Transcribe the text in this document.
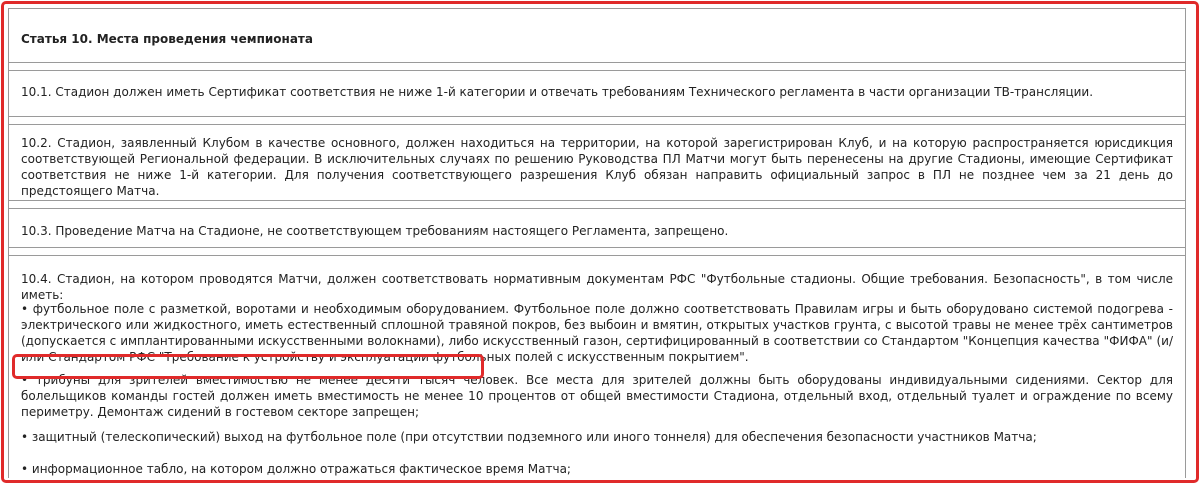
Статья 10. Места проведения чемпионата
10.1. Стадион должен иметь Сертификат соответствия не ниже 1-й категории и отвечать требованиям Технического регламента в части организации ТВ-трансляции.
10.2. Стадион, заявленный Клубом в качестве основного, должен находиться на территории, на которой зарегистрирован Клуб, и на которую распространяется юрисдикция соответствующей Региональной федерации. В исключительных случаях по решению Руководства ПЛ Матчи могут быть перенесены на другие Стадионы, имеющие Сертификат соответствия не ниже 1-й категории. Для получения соответствующего разрешения Клуб обязан направить официальный запрос в ПЛ не позднее чем за 21 день до предстоящего Матча.
10.3. Проведение Матча на Стадионе, не соответствующем требованиям настоящего Регламента, запрещено.
10.4. Стадион, на котором проводятся Матчи, должен соответствовать нормативным документам РФС "Футбольные стадионы. Общие требования. Безопасность", в том числе иметь:
• футбольное поле с разметкой, воротами и необходимым оборудованием. Футбольное поле должно соответствовать Правилам игры и быть оборудовано системой подогрева - электрического или жидкостного, иметь естественный сплошной травяной покров, без выбоин и вмятин, открытых участков грунта, с высотой травы не менее трёх сантиметров (допускается с имплантированными искусственными волокнами), либо искусственный газон, сертифицированный в соответствии со Стандартом "Концепция качества "ФИФА" (и/или Стандартом РФС "Требование к устройству и эксплуатации футбольных полей с искусственным покрытием".
• трибуны для зрителей вместимостью не менее десяти тысяч человек. Все места для зрителей должны быть оборудованы индивидуальными сидениями. Сектор для болельщиков команды гостей должен иметь вместимость не менее 10 процентов от общей вместимости Стадиона, отдельный вход, отдельный туалет и ограждение по всему периметру. Демонтаж сидений в гостевом секторе запрещен;
• защитный (телескопический) выход на футбольное поле (при отсутствии подземного или иного тоннеля) для обеспечения безопасности участников Матча;
• информационное табло, на котором должно отражаться фактическое время Матча;
